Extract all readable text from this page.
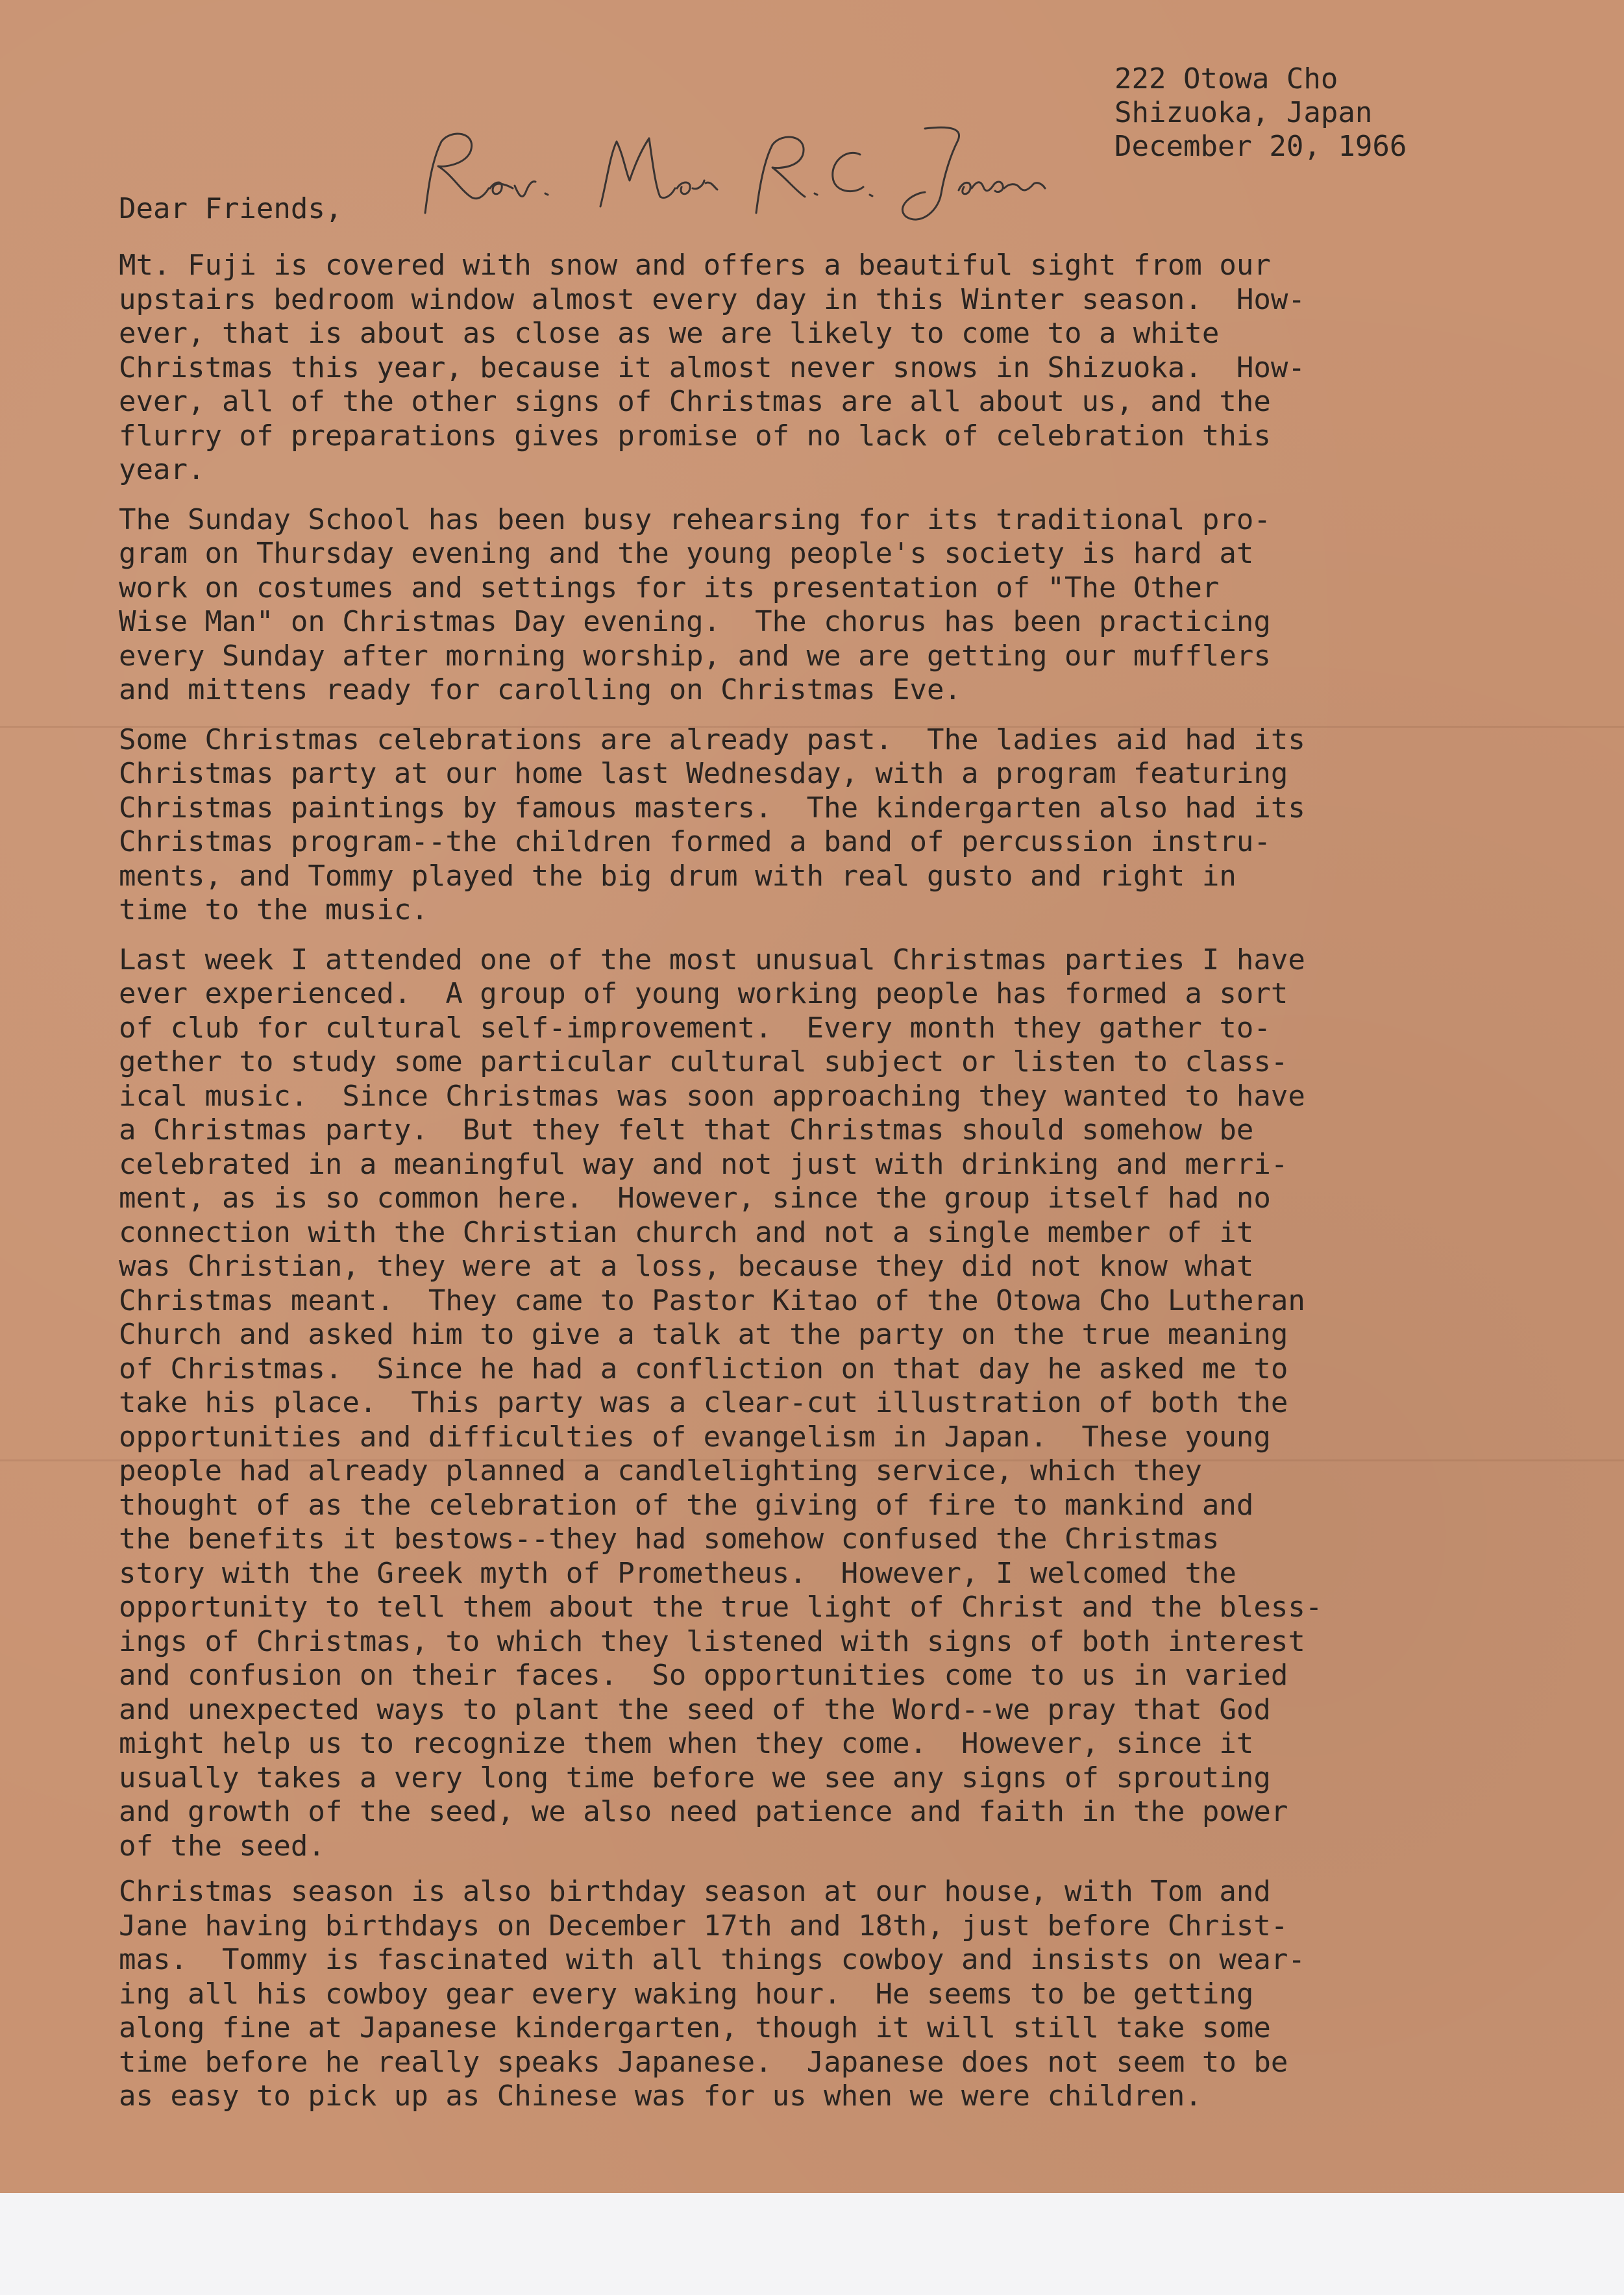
222 Otowa Cho
Shizuoka, Japan
December 20, 1966
Dear Friends,
Mt. Fuji is covered with snow and offers a beautiful sight from our
upstairs bedroom window almost every day in this Winter season.  How-
ever, that is about as close as we are likely to come to a white
Christmas this year, because it almost never snows in Shizuoka.  How-
ever, all of the other signs of Christmas are all about us, and the
flurry of preparations gives promise of no lack of celebration this
year.
The Sunday School has been busy rehearsing for its traditional pro-
gram on Thursday evening and the young people's society is hard at
work on costumes and settings for its presentation of "The Other
Wise Man" on Christmas Day evening.  The chorus has been practicing
every Sunday after morning worship, and we are getting our mufflers
and mittens ready for carolling on Christmas Eve.
Some Christmas celebrations are already past.  The ladies aid had its
Christmas party at our home last Wednesday, with a program featuring
Christmas paintings by famous masters.  The kindergarten also had its
Christmas program--the children formed a band of percussion instru-
ments, and Tommy played the big drum with real gusto and right in
time to the music.
Last week I attended one of the most unusual Christmas parties I have
ever experienced.  A group of young working people has formed a sort
of club for cultural self-improvement.  Every month they gather to-
gether to study some particular cultural subject or listen to class-
ical music.  Since Christmas was soon approaching they wanted to have
a Christmas party.  But they felt that Christmas should somehow be
celebrated in a meaningful way and not just with drinking and merri-
ment, as is so common here.  However, since the group itself had no
connection with the Christian church and not a single member of it
was Christian, they were at a loss, because they did not know what
Christmas meant.  They came to Pastor Kitao of the Otowa Cho Lutheran
Church and asked him to give a talk at the party on the true meaning
of Christmas.  Since he had a confliction on that day he asked me to
take his place.  This party was a clear-cut illustration of both the
opportunities and difficulties of evangelism in Japan.  These young
people had already planned a candlelighting service, which they
thought of as the celebration of the giving of fire to mankind and
the benefits it bestows--they had somehow confused the Christmas
story with the Greek myth of Prometheus.  However, I welcomed the
opportunity to tell them about the true light of Christ and the bless-
ings of Christmas, to which they listened with signs of both interest
and confusion on their faces.  So opportunities come to us in varied
and unexpected ways to plant the seed of the Word--we pray that God
might help us to recognize them when they come.  However, since it
usually takes a very long time before we see any signs of sprouting
and growth of the seed, we also need patience and faith in the power
of the seed.
Christmas season is also birthday season at our house, with Tom and
Jane having birthdays on December 17th and 18th, just before Christ-
mas.  Tommy is fascinated with all things cowboy and insists on wear-
ing all his cowboy gear every waking hour.  He seems to be getting
along fine at Japanese kindergarten, though it will still take some
time before he really speaks Japanese.  Japanese does not seem to be
as easy to pick up as Chinese was for us when we were children.
